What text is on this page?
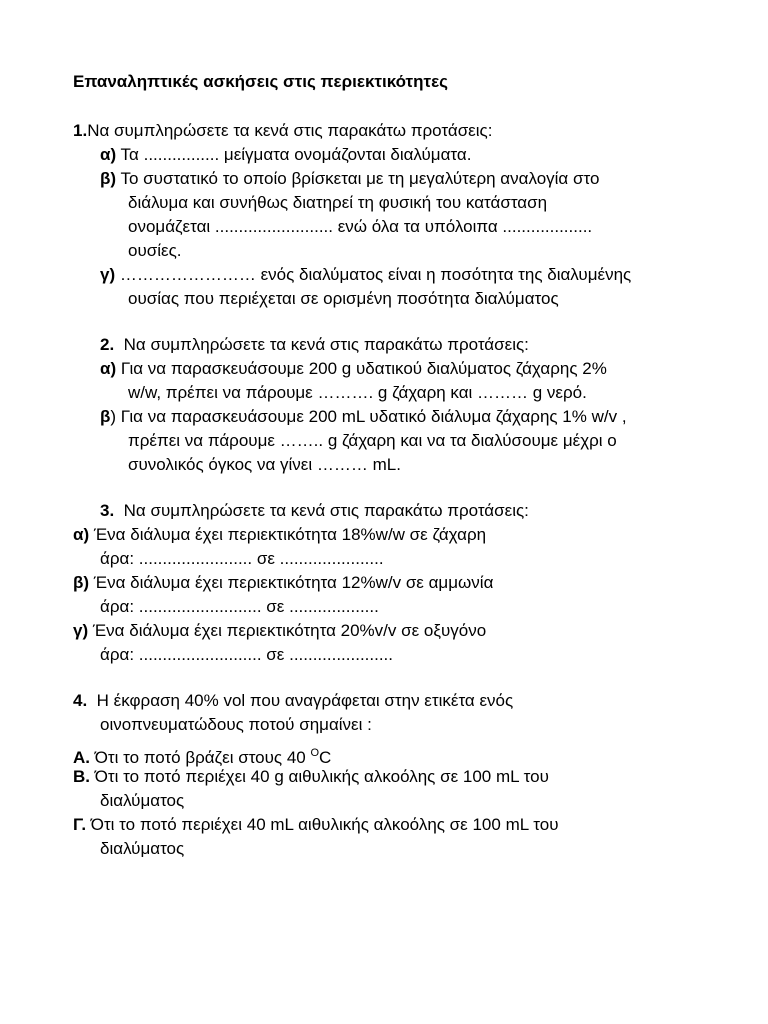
Επαναληπτικές ασκήσεις στις περιεκτικότητες
1.Να συμπληρώσετε τα κενά στις παρακάτω προτάσεις:
α) Τα ................ μείγματα ονομάζονται διαλύματα.
β) Το συστατικό το οποίο βρίσκεται με τη μεγαλύτερη αναλογία στο
διάλυμα και συνήθως διατηρεί τη φυσική του κατάσταση
ονομάζεται ......................... ενώ όλα τα υπόλοιπα ...................
ουσίες.
γ) …………………… ενός διαλύματος είναι η ποσότητα της διαλυμένης
ουσίας που περιέχεται σε ορισμένη ποσότητα διαλύματος
2.  Να συμπληρώσετε τα κενά στις παρακάτω προτάσεις:
α) Για να παρασκευάσουμε 200 g υδατικού διαλύματος ζάχαρης 2%
w/w, πρέπει να πάρουμε ………. g ζάχαρη και ……… g νερό.
β) Για να παρασκευάσουμε 200 mL υδατικό διάλυμα ζάχαρης 1% w/v ,
πρέπει να πάρουμε …….. g ζάχαρη και να τα διαλύσουμε μέχρι ο
συνολικός όγκος να γίνει ……… mL.
3.  Να συμπληρώσετε τα κενά στις παρακάτω προτάσεις:
α) Ένα διάλυμα έχει περιεκτικότητα 18%w/w σε ζάχαρη
άρα: ........................ σε ......................
β) Ένα διάλυμα έχει περιεκτικότητα 12%w/v σε αμμωνία
άρα: .......................... σε ...................
γ) Ένα διάλυμα έχει περιεκτικότητα 20%v/v σε οξυγόνο
άρα: .......................... σε ......................
4.  Η έκφραση 40% vol που αναγράφεται στην ετικέτα ενός
οινοπνευματώδους ποτού σημαίνει :
Α. Ότι το ποτό βράζει στους 40 $^O$C
Β. Ότι το ποτό περιέχει 40 g αιθυλικής αλκοόλης σε 100 mL του
διαλύματος
Γ. Ότι το ποτό περιέχει 40 mL αιθυλικής αλκοόλης σε 100 mL του
διαλύματος
